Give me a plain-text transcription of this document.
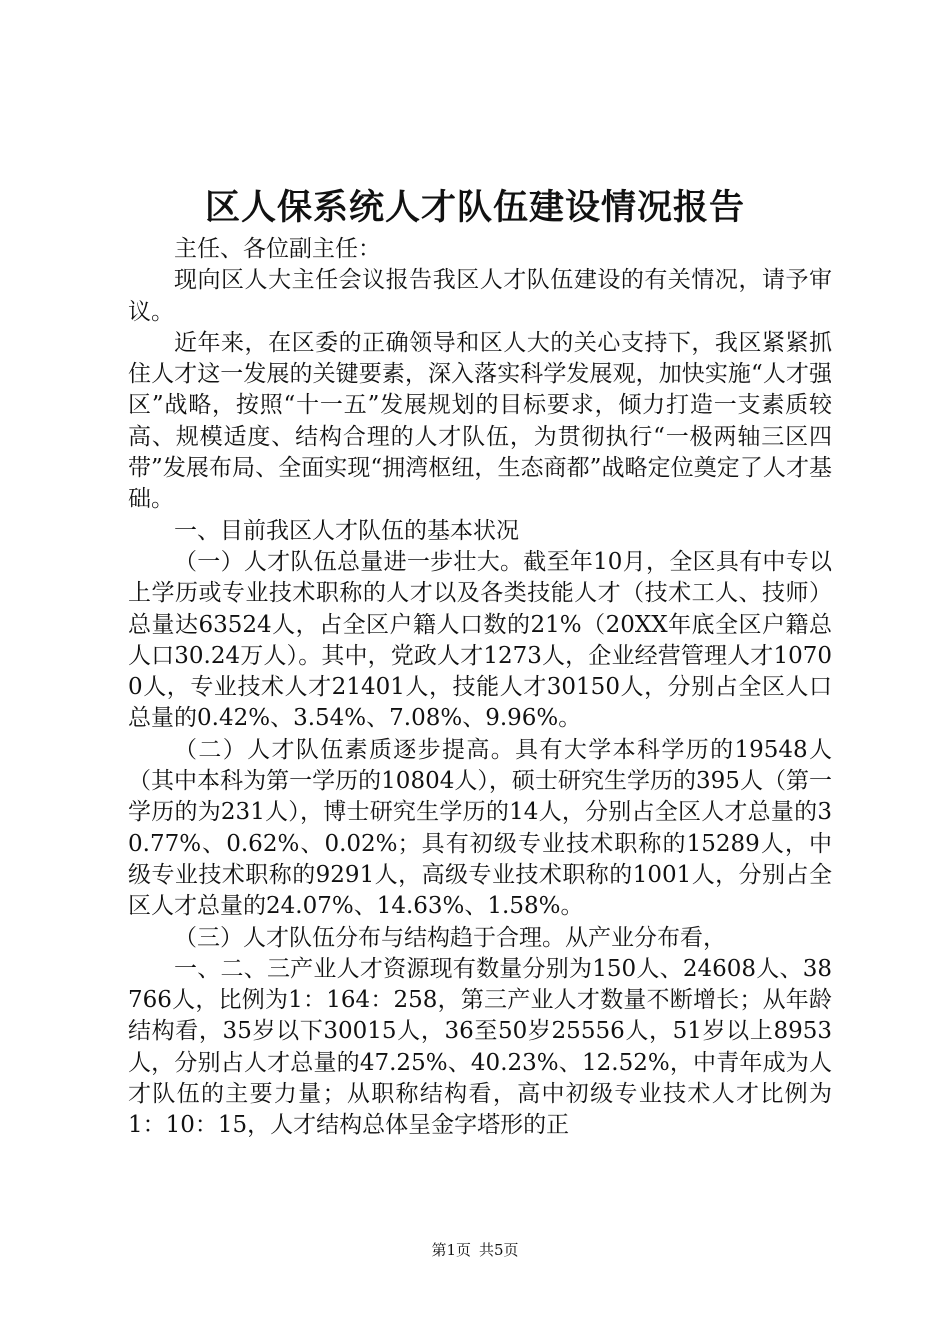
区人保系统人才队伍建设情况报告

主任、各位副主任：

现向区人大主任会议报告我区人才队伍建设的有关情况，请予审议。

近年来，在区委的正确领导和区人大的关心支持下，我区紧紧抓住人才这一发展的关键要素，深入落实科学发展观，加快实施“人才强区”战略，按照“十一五”发展规划的目标要求，倾力打造一支素质较高、规模适度、结构合理的人才队伍，为贯彻执行“一极两轴三区四带”发展布局、全面实现“拥湾枢纽，生态商都”战略定位奠定了人才基础。

一、目前我区人才队伍的基本状况

（一）人才队伍总量进一步壮大。截至年10月，全区具有中专以上学历或专业技术职称的人才以及各类技能人才（技术工人、技师）总量达63524人，占全区户籍人口数的21%（20XX年底全区户籍总人口30.24万人）。其中，党政人才1273人，企业经营管理人才10700人，专业技术人才21401人，技能人才30150人，分别占全区人口总量的0.42%、3.54%、7.08%、9.96%。

（二）人才队伍素质逐步提高。具有大学本科学历的19548人（其中本科为第一学历的10804人），硕士研究生学历的395人（第一学历的为231人），博士研究生学历的14人，分别占全区人才总量的30.77%、0.62%、0.02%；具有初级专业技术职称的15289人，中级专业技术职称的9291人，高级专业技术职称的1001人，分别占全区人才总量的24.07%、14.63%、1.58%。

（三）人才队伍分布与结构趋于合理。从产业分布看，

一、二、三产业人才资源现有数量分别为150人、24608人、38766人，比例为1：164：258，第三产业人才数量不断增长；从年龄结构看，35岁以下30015人，36至50岁25556人，51岁以上8953人，分别占人才总量的47.25%、40.23%、12.52%，中青年成为人才队伍的主要力量；从职称结构看，高中初级专业技术人才比例为1：10：15，人才结构总体呈金字塔形的正

第1页 共5页
